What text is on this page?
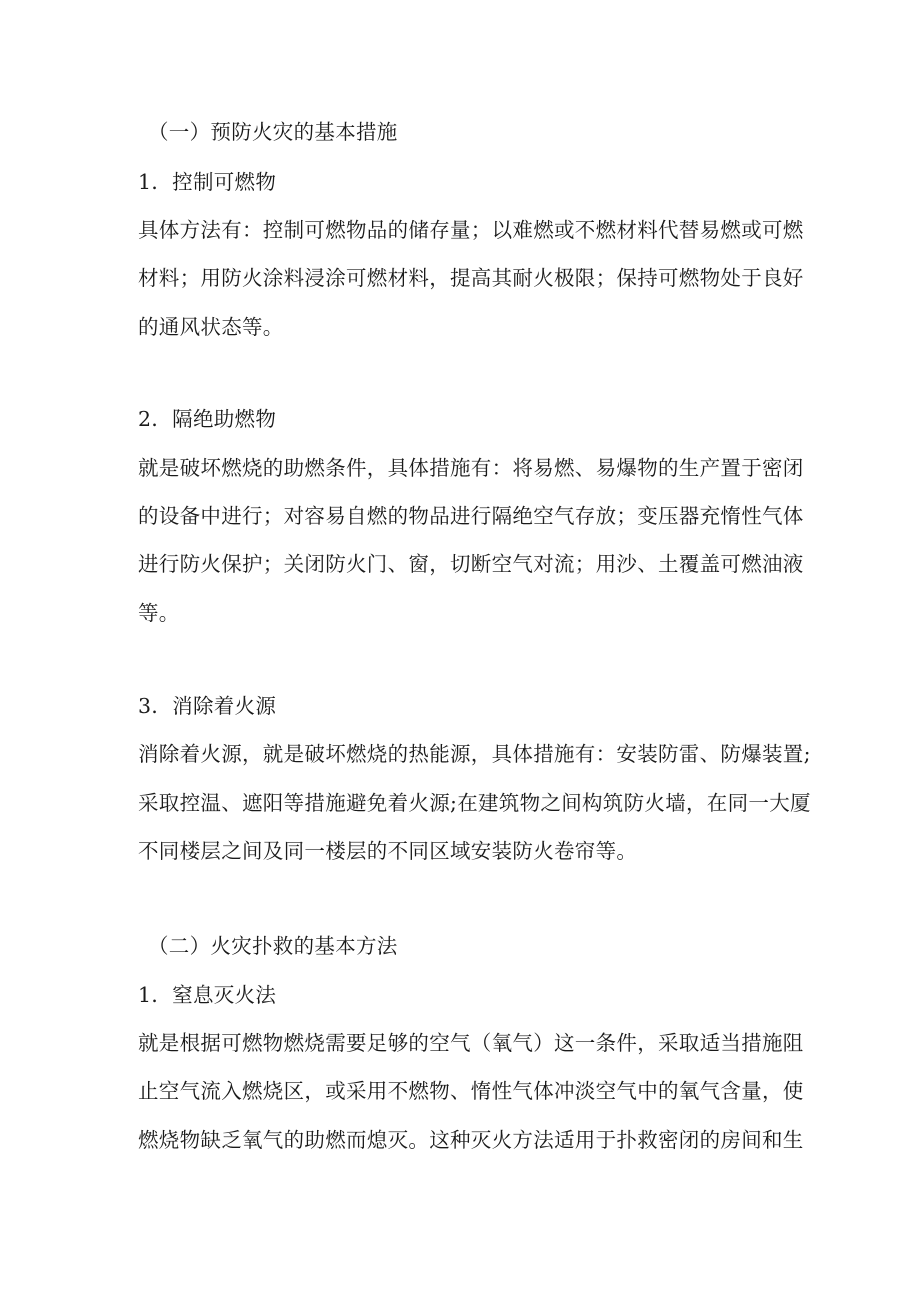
（一）预防火灾的基本措施
1．控制可燃物
具体方法有：控制可燃物品的储存量；以难燃或不燃材料代替易燃或可燃
材料；用防火涂料浸涂可燃材料，提高其耐火极限；保持可燃物处于良好
的通风状态等。
2．隔绝助燃物
就是破坏燃烧的助燃条件，具体措施有：将易燃、易爆物的生产置于密闭
的设备中进行；对容易自燃的物品进行隔绝空气存放；变压器充惰性气体
进行防火保护；关闭防火门、窗，切断空气对流；用沙、土覆盖可燃油液
等。
3．消除着火源
消除着火源，就是破坏燃烧的热能源，具体措施有：安装防雷、防爆装置;
采取控温、遮阳等措施避免着火源;在建筑物之间构筑防火墙，在同一大厦
不同楼层之间及同一楼层的不同区域安装防火卷帘等。
（二）火灾扑救的基本方法
1．窒息灭火法
就是根据可燃物燃烧需要足够的空气（氧气）这一条件，采取适当措施阻
止空气流入燃烧区，或采用不燃物、惰性气体冲淡空气中的氧气含量，使
燃烧物缺乏氧气的助燃而熄灭。这种灭火方法适用于扑救密闭的房间和生
